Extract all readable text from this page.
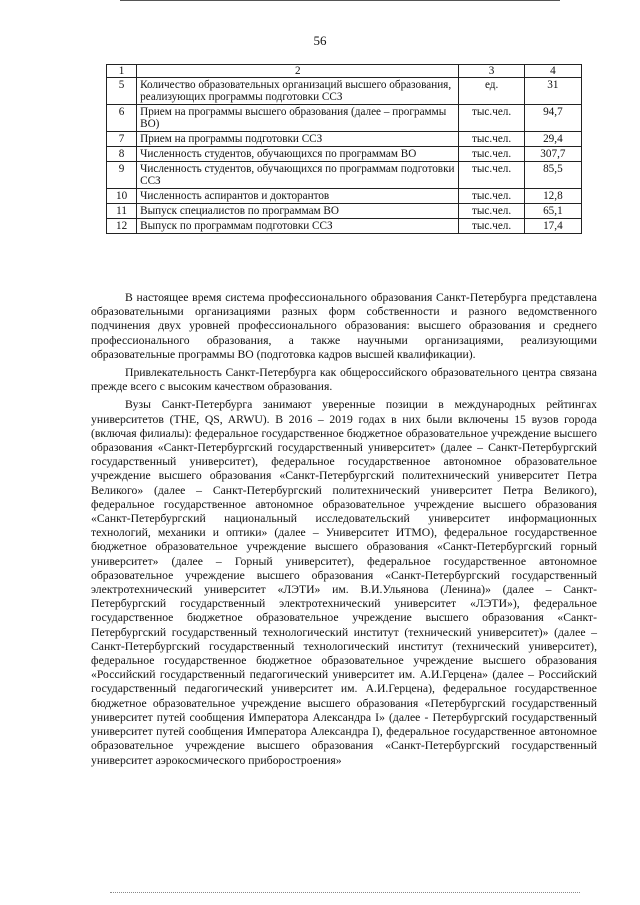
56
1	2	3	4
5	Количество образовательных организаций высшего образования, реализующих программы подготовки ССЗ	ед.	31
6	Прием на программы высшего образования (далее – программы ВО)	тыс.чел.	94,7
7	Прием на программы подготовки ССЗ	тыс.чел.	29,4
8	Численность студентов, обучающихся по программам ВО	тыс.чел.	307,7
9	Численность студентов, обучающихся по программам подготовки ССЗ	тыс.чел.	85,5
10	Численность аспирантов и докторантов	тыс.чел.	12,8
11	Выпуск специалистов по программам ВО	тыс.чел.	65,1
12	Выпуск по программам подготовки ССЗ	тыс.чел.	17,4

В настоящее время система профессионального образования Санкт-Петербурга представлена образовательными организациями разных форм собственности и разного ведомственного подчинения двух уровней профессионального образования: высшего образования и среднего профессионального образования, а также научными организациями, реализующими образовательные программы ВО (подготовка кадров высшей квалификации).

Привлекательность Санкт-Петербурга как общероссийского образовательного центра связана прежде всего с высоким качеством образования.

Вузы Санкт-Петербурга занимают уверенные позиции в международных рейтингах университетов (THE, QS, ARWU). В 2016 – 2019 годах в них были включены 15 вузов города (включая филиалы): федеральное государственное бюджетное образовательное учреждение высшего образования «Санкт-Петербургский государственный университет» (далее – Санкт-Петербургский государственный университет), федеральное государственное автономное образовательное учреждение высшего образования «Санкт-Петербургский политехнический университет Петра Великого» (далее – Санкт-Петербургский политехнический университет Петра Великого), федеральное государственное автономное образовательное учреждение высшего образования «Санкт-Петербургский национальный исследовательский университет информационных технологий, механики и оптики» (далее – Университет ИТМО), федеральное государственное бюджетное образовательное учреждение высшего образования «Санкт-Петербургский горный университет» (далее – Горный университет), федеральное государственное автономное образовательное учреждение высшего образования «Санкт-Петербургский государственный электротехнический университет «ЛЭТИ» им. В.И.Ульянова (Ленина)» (далее – Санкт-Петербургский государственный электротехнический университет «ЛЭТИ»), федеральное государственное бюджетное образовательное учреждение высшего образования «Санкт-Петербургский государственный технологический институт (технический университет)» (далее – Санкт-Петербургский государственный технологический институт (технический университет), федеральное государственное бюджетное образовательное учреждение высшего образования «Российский государственный педагогический университет им. А.И.Герцена» (далее – Российский государственный педагогический университет им. А.И.Герцена), федеральное государственное бюджетное образовательное учреждение высшего образования «Петербургский государственный университет путей сообщения Императора Александра I» (далее - Петербургский государственный университет путей сообщения Императора Александра I), федеральное государственное автономное образовательное учреждение высшего образования «Санкт-Петербургский государственный университет аэрокосмического приборостроения»
